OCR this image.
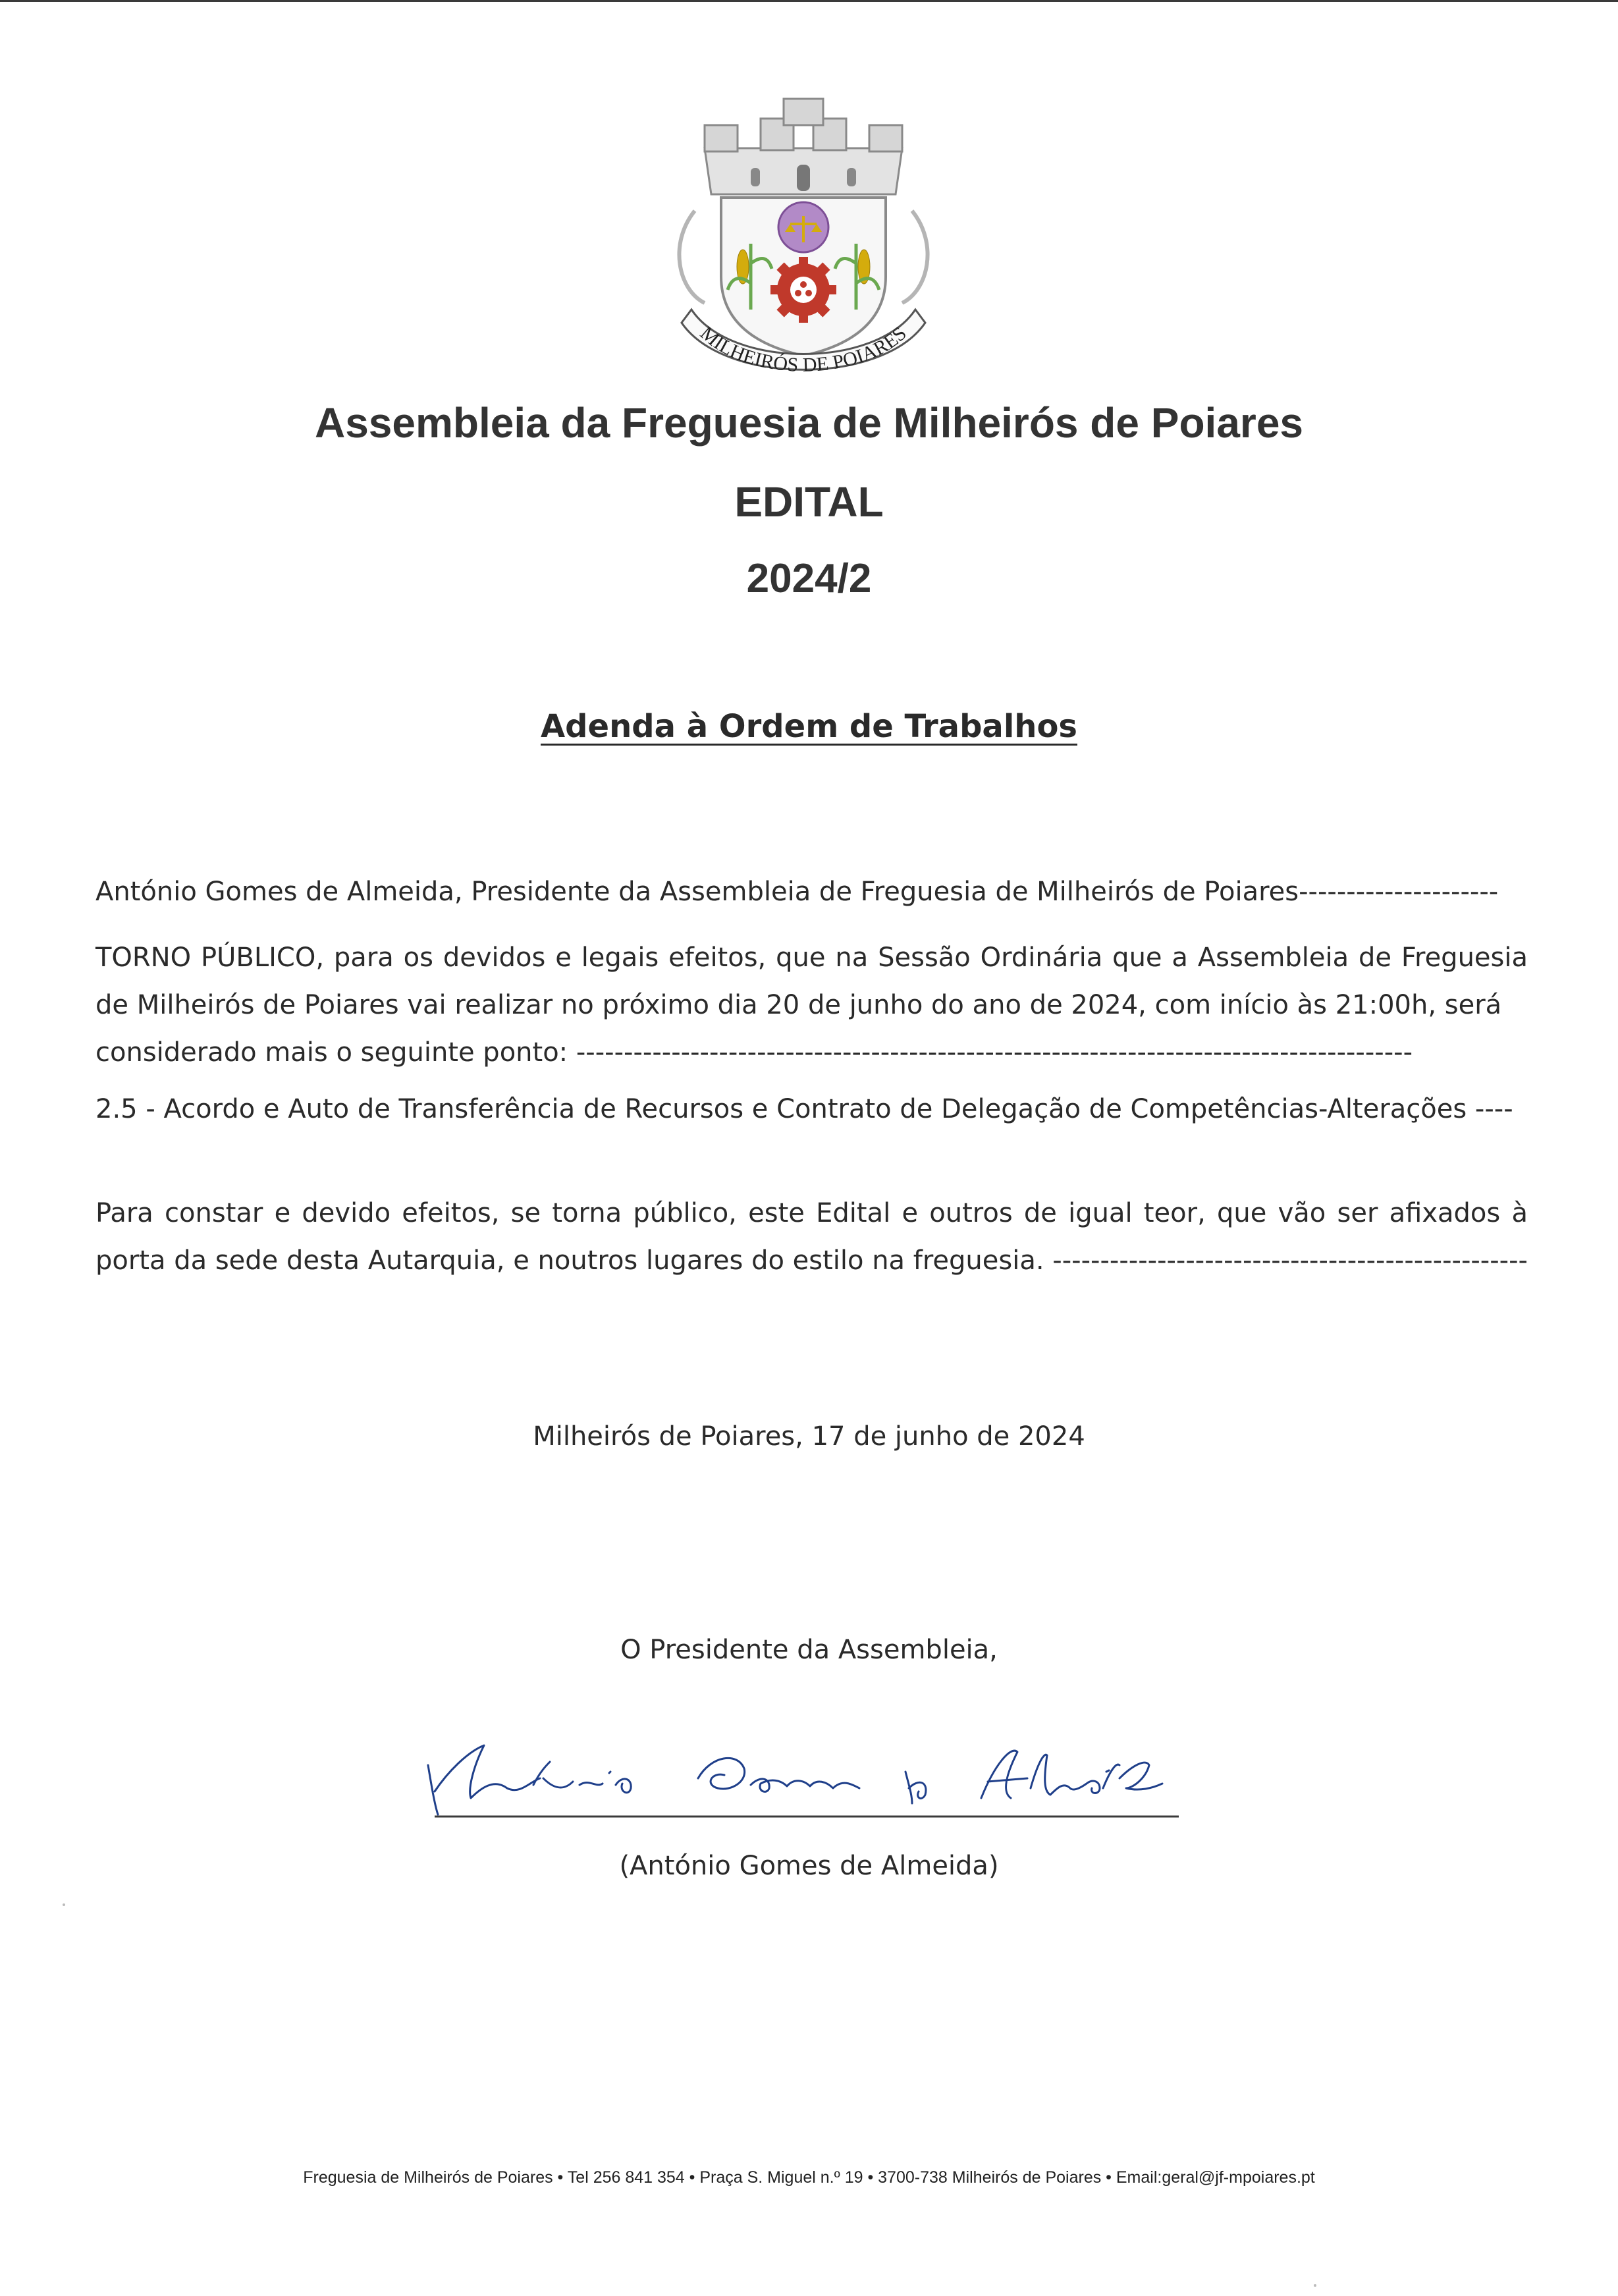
MILHEIRÓS DE POIARES
Assembleia da Freguesia de Milheirós de Poiares
EDITAL
2024/2
Adenda à Ordem de Trabalhos
António Gomes de Almeida, Presidente da Assembleia de Freguesia de Milheirós de Poiares---------------------
TORNO PÚBLICO, para os devidos e legais efeitos, que na Sessão Ordinária que a Assembleia de Freguesia de Milheirós de Poiares vai realizar no próximo dia 20 de junho do ano de 2024, com início às 21:00h, será
considerado mais o seguinte ponto: ----------------------------------------------------------------------------------------
2.5 - Acordo e Auto de Transferência de Recursos e Contrato de Delegação de Competências-Alterações ----
Para constar e devido efeitos, se torna público, este Edital e outros de igual teor, que vão ser afixados à porta da sede desta Autarquia, e noutros lugares do estilo na freguesia. --------------------------------------------------
Milheirós de Poiares, 17 de junho de 2024
O Presidente da Assembleia,
(António Gomes de Almeida)
Freguesia de Milheirós de Poiares • Tel 256 841 354 • Praça S. Miguel n.º 19 • 3700-738 Milheirós de Poiares • Email:geral@jf-mpoiares.pt
